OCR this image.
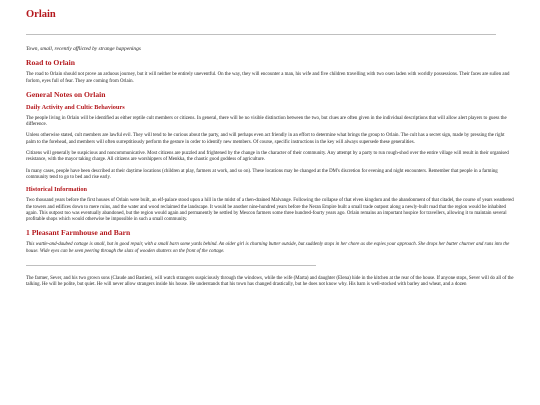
Orlain

Town, small, recently afflicted by strange happenings

Road to Orlain

The road to Orlain should not prove an arduous journey, but it will neither be entirely uneventful. On the way, they will encounter a man, his wife and five children travelling with two oxen laden with worldly possessions. Their faces are sullen and forlorn, eyes full of fear. They are coming from Orlain.

General Notes on Orlain
Daily Activity and Cultic Behaviours

The people living in Orlain will be identified as either reptile cult members or citizens. In general, there will be no visible distinction between the two, but clues are often given in the individual descriptions that will allow alert players to guess the difference.

Unless otherwise stated, cult members are lawful evil. They will tend to be curious about the party, and will perhaps even act friendly in an effort to determine what brings the group to Orlain. The cult has a secret sign, made by pressing the right palm to the forehead, and members will often surreptitiously perform the gesture in order to identify new members. Of course, specific instructions in the key will always supersede these generalities.

Citizens will generally be suspicious and noncommunicative. Most citizens are puzzled and frightened by the change in the character of their community. Any attempt by a party to run rough-shod over the entire village will result in their organised resistance, with the mayor taking charge. All citizens are worshippers of Menkka, the chaotic good goddess of agriculture.

In many cases, people have been described at their daytime locations (children at play, farmers at work, and so on). These locations may be changed at the DM's discretion for evening and night encounters. Remember that people in a farming community tend to go to bed and rise early.

Historical Information

Two thousand years before the first houses of Orlain were built, an elf-palace stood upon a hill in the midst of a then-drained Malvange. Following the collapse of that elven kingdom and the abandonment of that citadel, the course of years weathered the towers and edifices down to mere ruins, and the water and wood reclaimed the landscape. It would be another nine-hundred years before the Neran Empire built a small trade outpost along a newly-built road that the region would be inhabited again. This outpost too was eventually abandoned, but the region would again and permanently be settled by Mescon farmers some three hundred-fourty years ago. Orlain remains an important hospice for travellers, allowing it to maintain several profitable shops which would otherwise be impossible in such a small community.

1 Pleasant Farmhouse and Barn

This wattle-and-daubed cottage is small, but in good repair, with a small barn some yards behind. An older girl is churning butter outside, but suddenly stops in her chore as she espies your approach. She drops her butter churner and runs into the house. Wide eyes can be seen peering through the slats of wooden shutters on the front of the cottage.

The farmer, Sever, and his two grown sons (Claude and Bastien), will watch strangers suspiciously through the windows, while the wife (Marta) and daughter (Elena) hide in the kitchen at the rear of the house. If anyone stops, Sever will do all of the talking. He will be polite, but quiet. He will never allow strangers inside his house. He understands that his town has changed drastically, but he does not know why. His barn is well-stocked with barley and wheat, and a dozen
